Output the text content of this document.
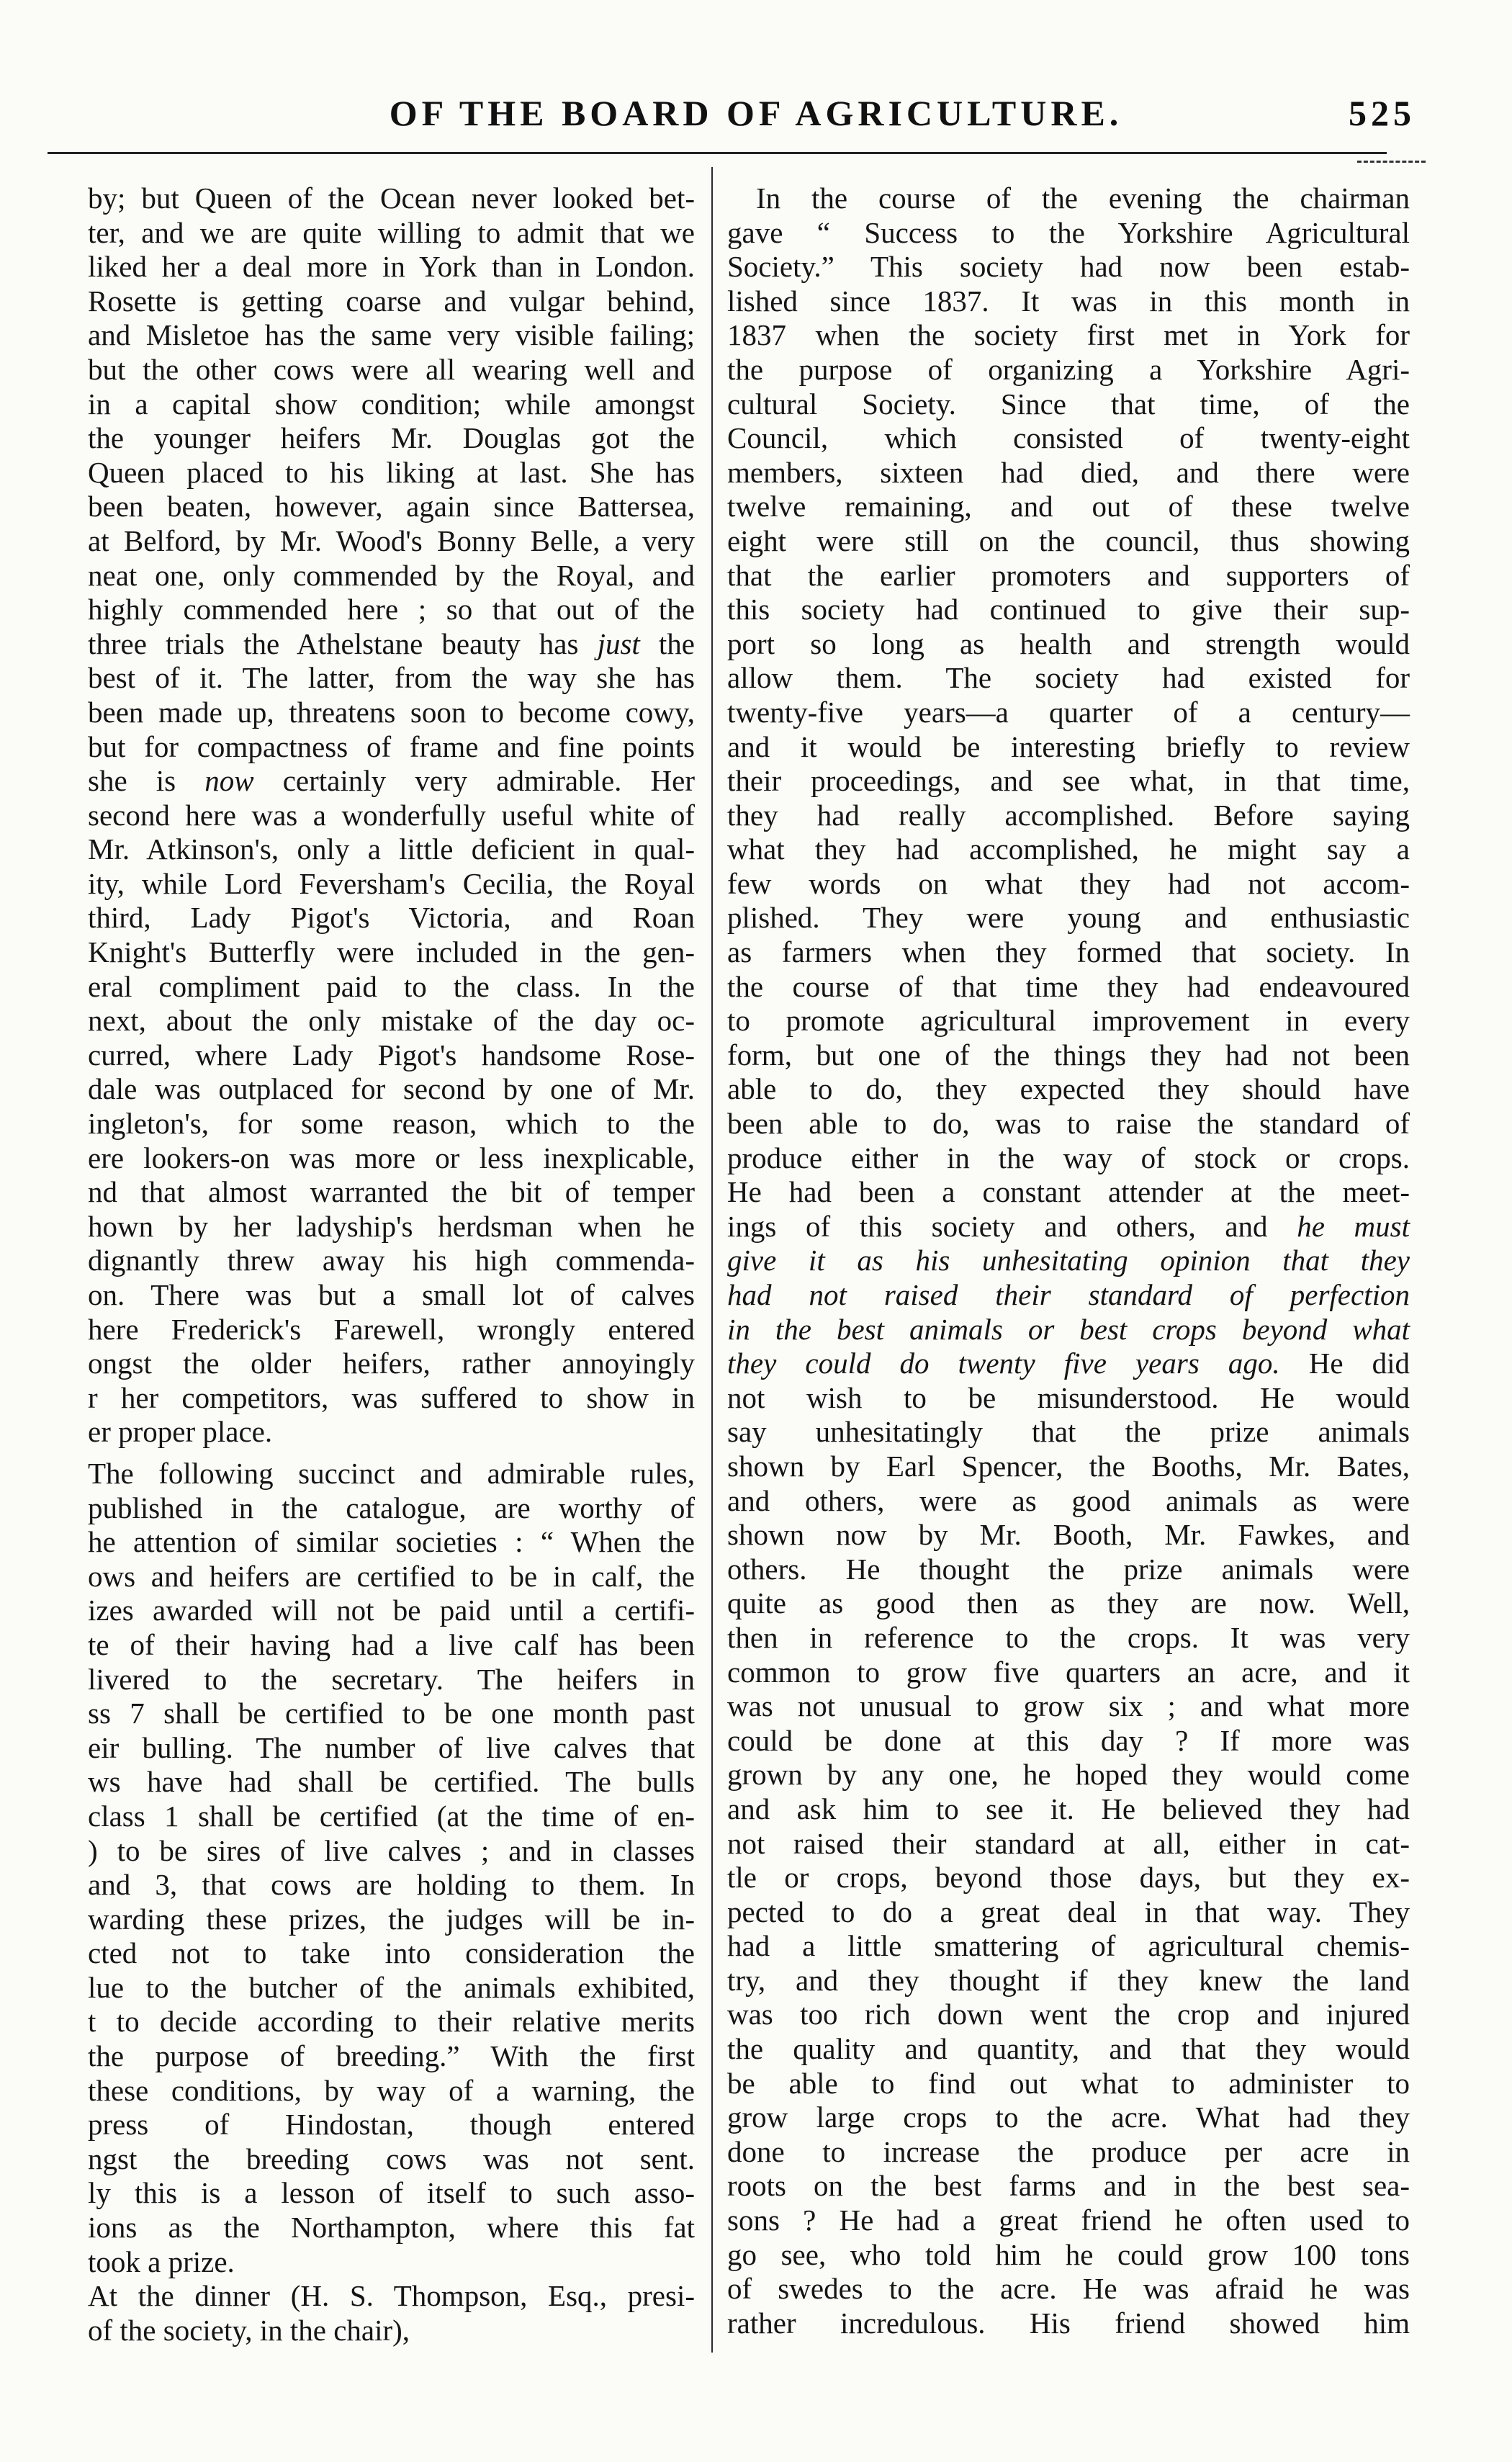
OF THE BOARD OF AGRICULTURE.	525
by; but Queen of the Ocean never looked bet-
ter, and we are quite willing to admit that we
liked her a deal more in York than in London.
Rosette is getting coarse and vulgar behind,
and Misletoe has the same very visible failing;
but the other cows were all wearing well and
in a capital show condition; while amongst
the younger heifers Mr. Douglas got the
Queen placed to his liking at last. She has
been beaten, however, again since Battersea,
at Belford, by Mr. Wood's Bonny Belle, a very
neat one, only commended by the Royal, and
highly commended here ; so that out of the
three trials the Athelstane beauty has just the
best of it. The latter, from the way she has
been made up, threatens soon to become cowy,
but for compactness of frame and fine points
she is now certainly very admirable. Her
second here was a wonderfully useful white of
Mr. Atkinson's, only a little deficient in qual-
ity, while Lord Feversham's Cecilia, the Royal
third, Lady Pigot's Victoria, and Roan
Knight's Butterfly were included in the gen-
eral compliment paid to the class. In the
next, about the only mistake of the day oc-
curred, where Lady Pigot's handsome Rose-
dale was outplaced for second by one of Mr.
ingleton's, for some reason, which to the
ere lookers-on was more or less inexplicable,
nd that almost warranted the bit of temper
hown by her ladyship's herdsman when he
dignantly threw away his high commenda-
on. There was but a small lot of calves
here Frederick's Farewell, wrongly entered
ongst the older heifers, rather annoyingly
r her competitors, was suffered to show in
er proper place.
The following succinct and admirable rules,
published in the catalogue, are worthy of
he attention of similar societies : “ When the
ows and heifers are certified to be in calf, the
izes awarded will not be paid until a certifi-
te of their having had a live calf has been
livered to the secretary. The heifers in
ss 7 shall be certified to be one month past
eir bulling. The number of live calves that
ws have had shall be certified. The bulls
class 1 shall be certified (at the time of en-
) to be sires of live calves ; and in classes
and 3, that cows are holding to them. In
warding these prizes, the judges will be in-
cted not to take into consideration the
lue to the butcher of the animals exhibited,
t to decide according to their relative merits
the purpose of breeding.” With the first
these conditions, by way of a warning, the
press of Hindostan, though entered
ngst the breeding cows was not sent.
ly this is a lesson of itself to such asso-
ions as the Northampton, where this fat
took a prize.
At the dinner (H. S. Thompson, Esq., presi-
of the society, in the chair),
In the course of the evening the chairman
gave “ Success to the Yorkshire Agricultural
Society.” This society had now been estab-
lished since 1837. It was in this month in
1837 when the society first met in York for
the purpose of organizing a Yorkshire Agri-
cultural Society. Since that time, of the
Council, which consisted of twenty-eight
members, sixteen had died, and there were
twelve remaining, and out of these twelve
eight were still on the council, thus showing
that the earlier promoters and supporters of
this society had continued to give their sup-
port so long as health and strength would
allow them. The society had existed for
twenty-five years—a quarter of a century—
and it would be interesting briefly to review
their proceedings, and see what, in that time,
they had really accomplished. Before saying
what they had accomplished, he might say a
few words on what they had not accom-
plished. They were young and enthusiastic
as farmers when they formed that society. In
the course of that time they had endeavoured
to promote agricultural improvement in every
form, but one of the things they had not been
able to do, they expected they should have
been able to do, was to raise the standard of
produce either in the way of stock or crops.
He had been a constant attender at the meet-
ings of this society and others, and he must
give it as his unhesitating opinion that they
had not raised their standard of perfection
in the best animals or best crops beyond what
they could do twenty five years ago. He did
not wish to be misunderstood. He would
say unhesitatingly that the prize animals
shown by Earl Spencer, the Booths, Mr. Bates,
and others, were as good animals as were
shown now by Mr. Booth, Mr. Fawkes, and
others. He thought the prize animals were
quite as good then as they are now. Well,
then in reference to the crops. It was very
common to grow five quarters an acre, and it
was not unusual to grow six ; and what more
could be done at this day ? If more was
grown by any one, he hoped they would come
and ask him to see it. He believed they had
not raised their standard at all, either in cat-
tle or crops, beyond those days, but they ex-
pected to do a great deal in that way. They
had a little smattering of agricultural chemis-
try, and they thought if they knew the land
was too rich down went the crop and injured
the quality and quantity, and that they would
be able to find out what to administer to
grow large crops to the acre. What had they
done to increase the produce per acre in
roots on the best farms and in the best sea-
sons ? He had a great friend he often used to
go see, who told him he could grow 100 tons
of swedes to the acre. He was afraid he was
rather incredulous. His friend showed him
